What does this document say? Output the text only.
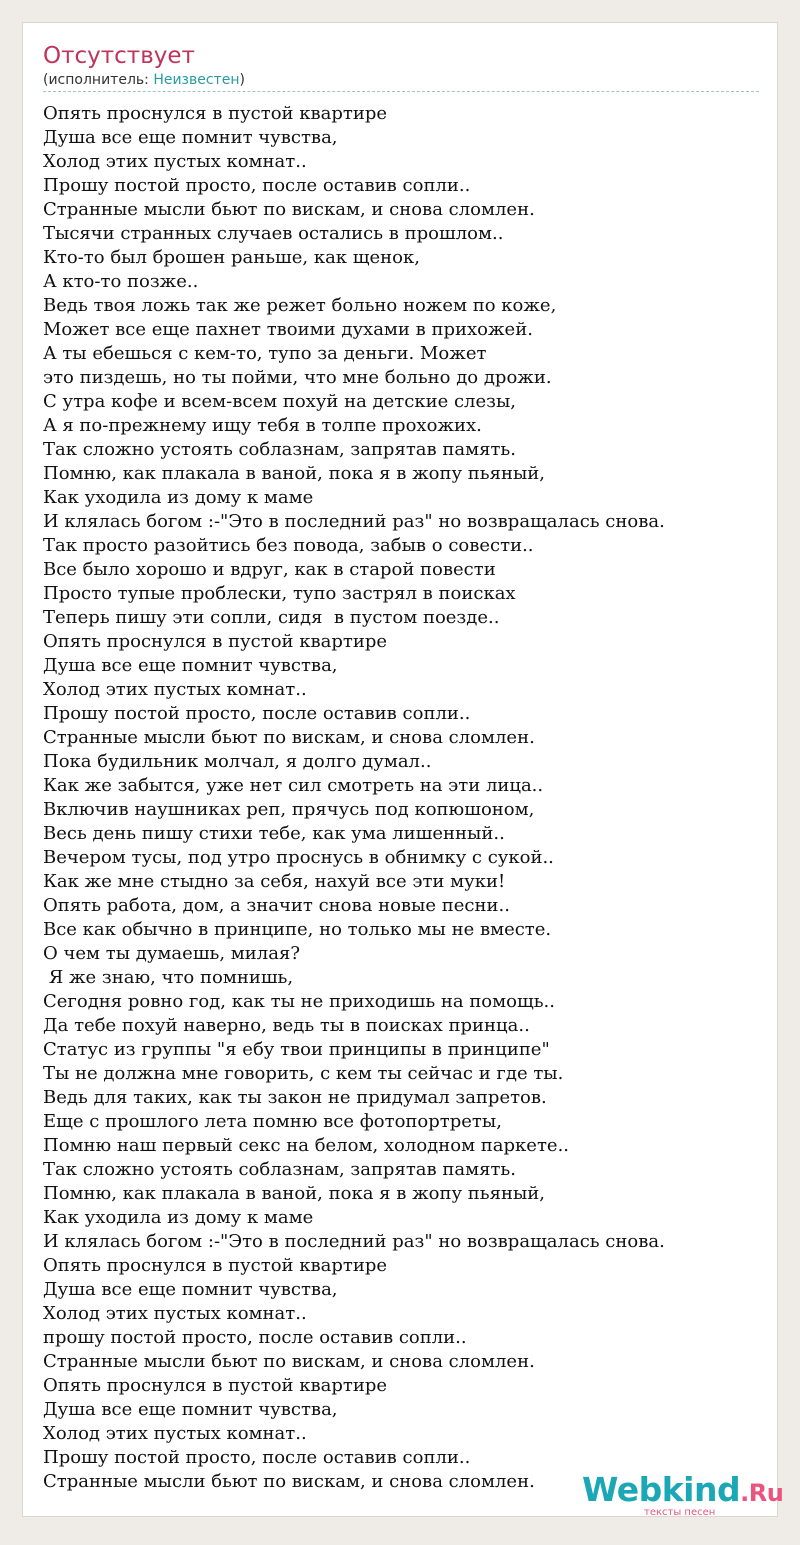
Отсутствует
(исполнитель: Неизвестен)
Опять проснулся в пустой квартире
Душа все еще помнит чувства,
Холод этих пустых комнат..
Прошу постой просто, после оставив сопли..
Странные мысли бьют по вискам, и снова сломлен.
Тысячи странных случаев остались в прошлом..
Кто-то был брошен раньше, как щенок,
А кто-то позже..
Ведь твоя ложь так же режет больно ножем по коже,
Может все еще пахнет твоими духами в прихожей.
А ты ебешься с кем-то, тупо за деньги. Может
это пиздешь, но ты пойми, что мне больно до дрожи.
С утра кофе и всем-всем похуй на детские слезы,
А я по-прежнему ищу тебя в толпе прохожих.
Так сложно устоять соблазнам, запрятав память.
Помню, как плакала в ваной, пока я в жопу пьяный,
Как уходила из дому к маме
И клялась богом :-"Это в последний раз" но возвращалась снова.
Так просто разойтись без повода, забыв о совести..
Все было хорошо и вдруг, как в старой повести
Просто тупые проблески, тупо застрял в поисках
Теперь пишу эти сопли, сидя  в пустом поезде..
Опять проснулся в пустой квартире
Душа все еще помнит чувства,
Холод этих пустых комнат..
Прошу постой просто, после оставив сопли..
Странные мысли бьют по вискам, и снова сломлен.
Пока будильник молчал, я долго думал..
Как же забытся, уже нет сил смотреть на эти лица..
Включив наушниках реп, прячусь под копюшоном,
Весь день пишу стихи тебе, как ума лишенный..
Вечером тусы, под утро проснусь в обнимку с сукой..
Как же мне стыдно за себя, нахуй все эти муки!
Опять работа, дом, а значит снова новые песни..
Все как обычно в принципе, но только мы не вместе.
О чем ты думаешь, милая?
Я же знаю, что помнишь,
Сегодня ровно год, как ты не приходишь на помощь..
Да тебе похуй наверно, ведь ты в поисках принца..
Статус из группы "я ебу твои принципы в принципе"
Ты не должна мне говорить, с кем ты сейчас и где ты.
Ведь для таких, как ты закон не придумал запретов.
Еще с прошлого лета помню все фотопортреты,
Помню наш первый секс на белом, холодном паркете..
Так сложно устоять соблазнам, запрятав память.
Помню, как плакала в ваной, пока я в жопу пьяный,
Как уходила из дому к маме
И клялась богом :-"Это в последний раз" но возвращалась снова.
Опять проснулся в пустой квартире
Душа все еще помнит чувства,
Холод этих пустых комнат..
прошу постой просто, после оставив сопли..
Странные мысли бьют по вискам, и снова сломлен.
Опять проснулся в пустой квартире
Душа все еще помнит чувства,
Холод этих пустых комнат..
Прошу постой просто, после оставив сопли..
Странные мысли бьют по вискам, и снова сломлен.	Webkind.Ru
тексты песен
